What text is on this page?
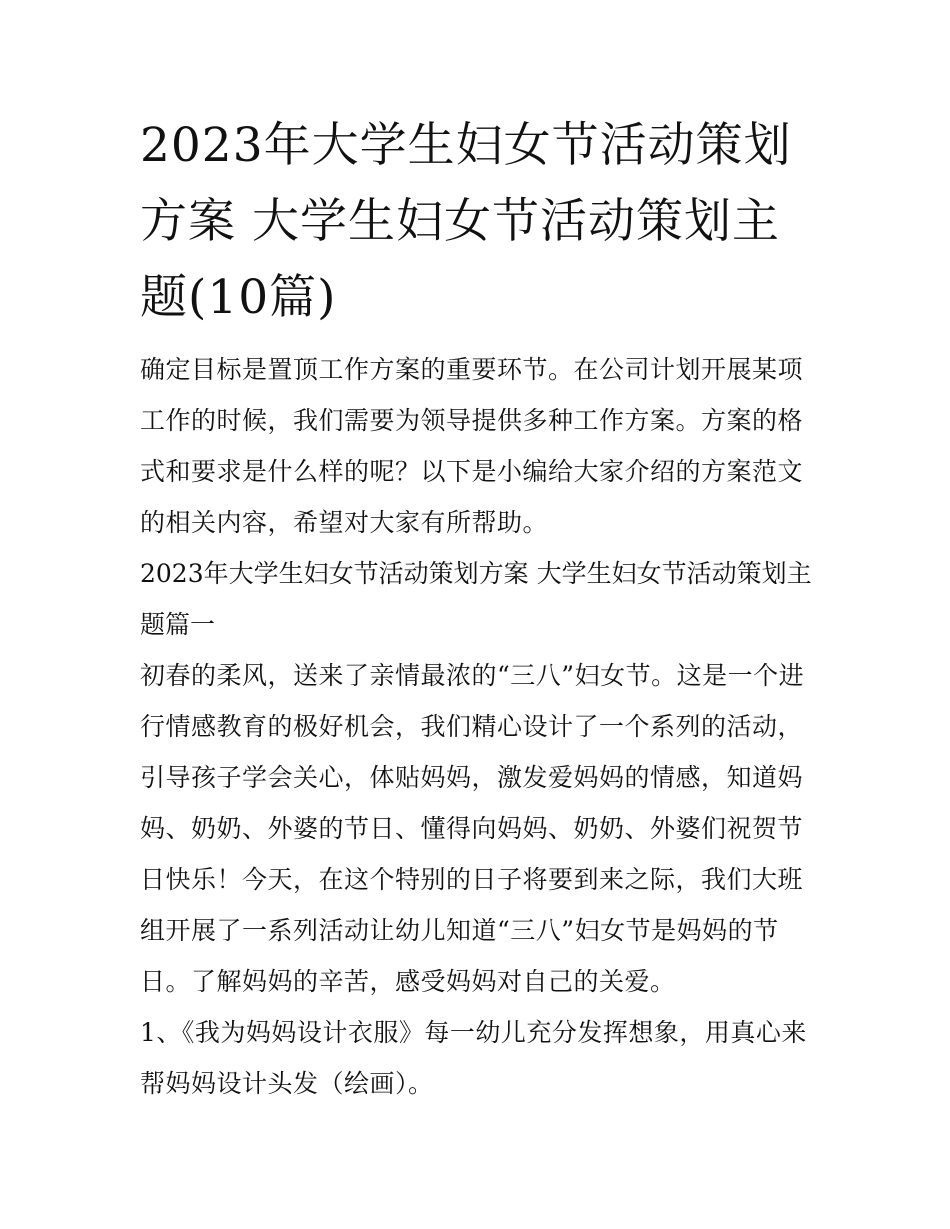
2023年大学生妇女节活动策划方案 大学生妇女节活动策划主题(10篇)

确定目标是置顶工作方案的重要环节。在公司计划开展某项工作的时候，我们需要为领导提供多种工作方案。方案的格式和要求是什么样的呢？以下是小编给大家介绍的方案范文的相关内容，希望对大家有所帮助。

2023年大学生妇女节活动策划方案 大学生妇女节活动策划主题篇一

初春的柔风，送来了亲情最浓的“三八”妇女节。这是一个进行情感教育的极好机会，我们精心设计了一个系列的活动，引导孩子学会关心，体贴妈妈，激发爱妈妈的情感，知道妈妈、奶奶、外婆的节日、懂得向妈妈、奶奶、外婆们祝贺节日快乐！今天，在这个特别的日子将要到来之际，我们大班组开展了一系列活动让幼儿知道“三八”妇女节是妈妈的节日。了解妈妈的辛苦，感受妈妈对自己的关爱。

1、《我为妈妈设计衣服》每一幼儿充分发挥想象，用真心来帮妈妈设计头发（绘画）。
